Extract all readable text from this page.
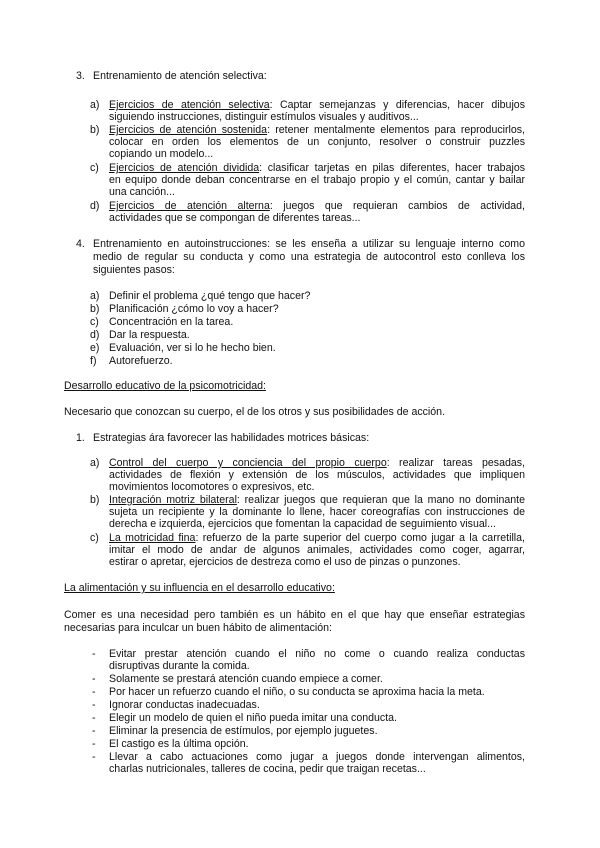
3. Entrenamiento de atención selectiva:
a) Ejercicios de atención selectiva: Captar semejanzas y diferencias, hacer dibujos
siguiendo instrucciones, distinguir estímulos visuales y auditivos...
b) Ejercicios de atención sostenida: retener mentalmente elementos para reproducirlos,
colocar en orden los elementos de un conjunto, resolver o construir puzzles
copiando un modelo...
c) Ejercicios de atención dividida: clasificar tarjetas en pilas diferentes, hacer trabajos
en equipo donde deban concentrarse en el trabajo propio y el común, cantar y bailar
una canción...
d) Ejercicios de atención alterna: juegos que requieran cambios de actividad,
actividades que se compongan de diferentes tareas...
4. Entrenamiento en autoinstrucciones: se les enseña a utilizar su lenguaje interno como
medio de regular su conducta y como una estrategia de autocontrol esto conlleva los
siguientes pasos:
a) Definir el problema ¿qué tengo que hacer?
b) Planificación ¿cómo lo voy a hacer?
c) Concentración en la tarea.
d) Dar la respuesta.
e) Evaluación, ver si lo he hecho bien.
f) Autorefuerzo.
Desarrollo educativo de la psicomotricidad:
Necesario que conozcan su cuerpo, el de los otros y sus posibilidades de acción.
1. Estrategias ára favorecer las habilidades motrices básicas:
a) Control del cuerpo y conciencia del propio cuerpo: realizar tareas pesadas,
actividades de flexión y extensión de los músculos, actividades que impliquen
movimientos locomotores o expresivos, etc.
b) Integración motriz bilateral: realizar juegos que requieran que la mano no dominante
sujeta un recipiente y la dominante lo llene, hacer coreografías con instrucciones de
derecha e izquierda, ejercicios que fomentan la capacidad de seguimiento visual...
c) La motricidad fina: refuerzo de la parte superior del cuerpo como jugar a la carretilla,
imitar el modo de andar de algunos animales, actividades como coger, agarrar,
estirar o apretar, ejercicios de destreza como el uso de pinzas o punzones.
La alimentación y su influencia en el desarrollo educativo:
Comer es una necesidad pero también es un hábito en el que hay que enseñar estrategias
necesarias para inculcar un buen hábito de alimentación:
- Evitar prestar atención cuando el niño no come o cuando realiza conductas
disruptivas durante la comida.
- Solamente se prestará atención cuando empiece a comer.
- Por hacer un refuerzo cuando el niño, o su conducta se aproxima hacia la meta.
- Ignorar conductas inadecuadas.
- Elegir un modelo de quien el niño pueda imitar una conducta.
- Eliminar la presencia de estímulos, por ejemplo juguetes.
- El castigo es la última opción.
- Llevar a cabo actuaciones como jugar a juegos donde intervengan alimentos,
charlas nutricionales, talleres de cocina, pedir que traigan recetas...
